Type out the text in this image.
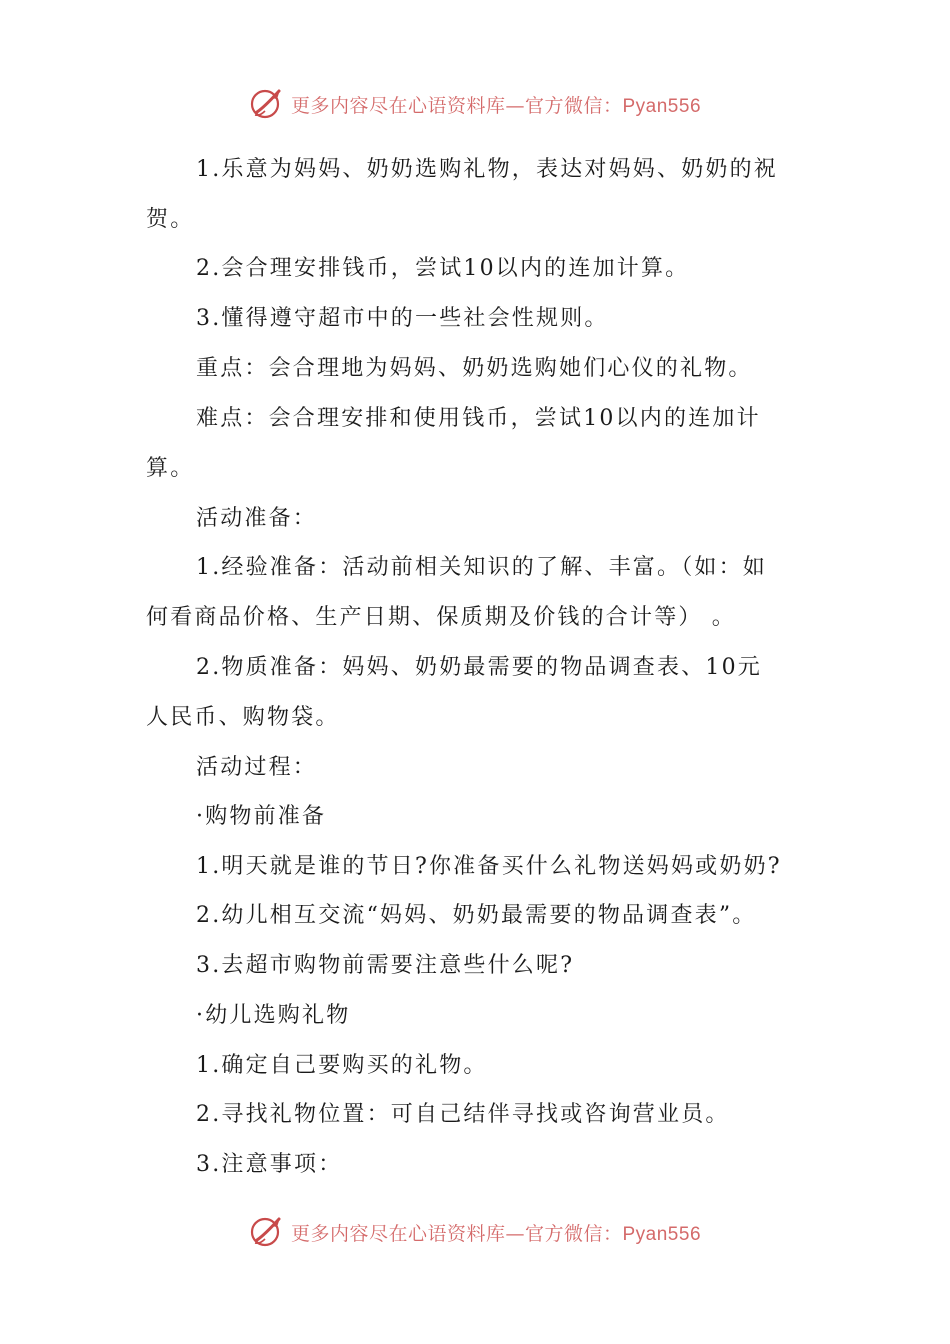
更多内容尽在心语资料库—官方微信：Pyan556
1.乐意为妈妈、奶奶选购礼物，表达对妈妈、奶奶的祝
贺。
2.会合理安排钱币，尝试10以内的连加计算。
3.懂得遵守超市中的一些社会性规则。
重点：会合理地为妈妈、奶奶选购她们心仪的礼物。
难点：会合理安排和使用钱币，尝试10以内的连加计
算。
活动准备：
1.经验准备：活动前相关知识的了解、丰富。（如：如
何看商品价格、生产日期、保质期及价钱的合计等） 。
2.物质准备：妈妈、奶奶最需要的物品调查表、10元
人民币、购物袋。
活动过程：
·购物前准备
1.明天就是谁的节日?你准备买什么礼物送妈妈或奶奶?
2.幼儿相互交流“妈妈、奶奶最需要的物品调查表”。
3.去超市购物前需要注意些什么呢?
·幼儿选购礼物
1.确定自己要购买的礼物。
2.寻找礼物位置：可自己结伴寻找或咨询营业员。
3.注意事项：
更多内容尽在心语资料库—官方微信：Pyan556
